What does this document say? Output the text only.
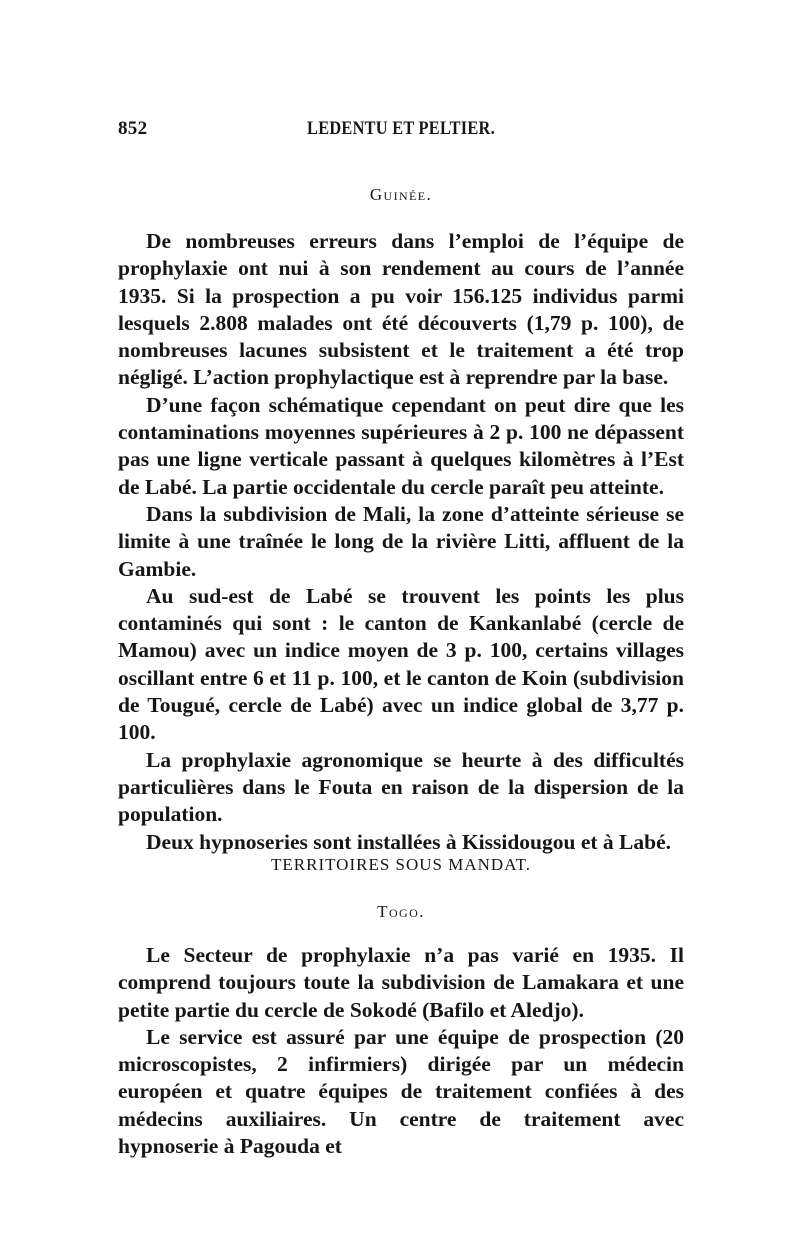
852	LEDENTU ET PELTIER.
Guinée.

De nombreuses erreurs dans l’emploi de l’équipe de prophylaxie ont nui à son rendement au cours de l’année 1935. Si la prospection a pu voir 156.125 individus parmi lesquels 2.808 malades ont été découverts (1,79 p. 100), de nombreuses lacunes subsistent et le traitement a été trop négligé. L’action prophylactique est à reprendre par la base.

D’une façon schématique cependant on peut dire que les contaminations moyennes supérieures à 2 p. 100 ne dépassent pas une ligne verticale passant à quelques kilomètres à l’Est de Labé. La partie occidentale du cercle paraît peu atteinte.

Dans la subdivision de Mali, la zone d’atteinte sérieuse se limite à une traînée le long de la rivière Litti, affluent de la Gambie.

Au sud-est de Labé se trouvent les points les plus contaminés qui sont : le canton de Kankanlabé (cercle de Mamou) avec un indice moyen de 3 p. 100, certains villages oscillant entre 6 et 11 p. 100, et le canton de Koin (subdivision de Tougué, cercle de Labé) avec un indice global de 3,77 p. 100.

La prophylaxie agronomique se heurte à des difficultés particulières dans le Fouta en raison de la dispersion de la population.

Deux hypnoseries sont installées à Kissidougou et à Labé.

TERRITOIRES SOUS MANDAT.
Togo.

Le Secteur de prophylaxie n’a pas varié en 1935. Il comprend toujours toute la subdivision de Lamakara et une petite partie du cercle de Sokodé (Bafilo et Aledjo).

Le service est assuré par une équipe de prospection (20 microscopistes, 2 infirmiers) dirigée par un médecin européen et quatre équipes de traitement confiées à des médecins auxiliaires. Un centre de traitement avec hypnoserie à Pagouda et
